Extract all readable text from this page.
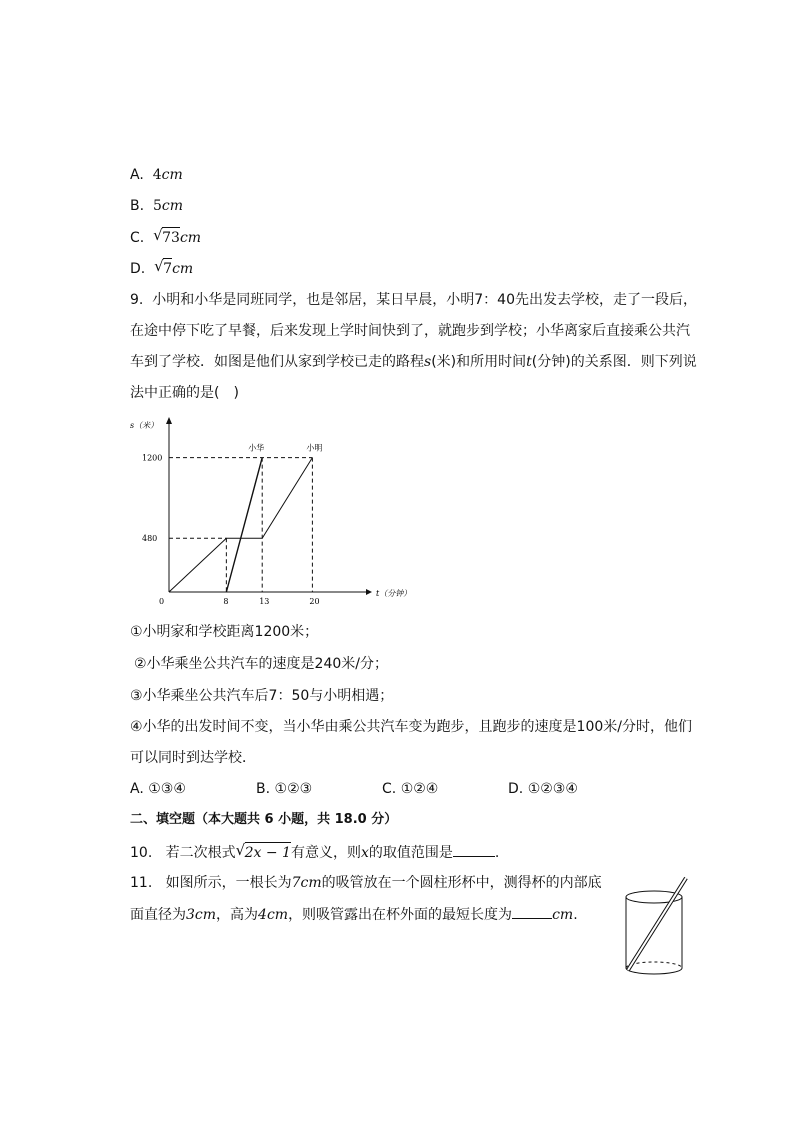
A. 4cm
B. 5cm
C. √ 73cm
D. √ 7cm
9. 小明和小华是同班同学，也是邻居，某日早晨，小明7：40先出发去学校，走了一段后，
在途中停下吃了早餐，后来发现上学时间快到了，就跑步到学校；小华离家后直接乘公共汽
车到了学校．如图是他们从家到学校已走的路程s(米)和所用时间t(分钟)的关系图．则下列说
法中正确的是(　)
t（分钟）
s（米）
0	8	13	20
480
1200
小明
小华
①小明家和学校距离1200米；
②小华乘坐公共汽车的速度是240米/分；
③小华乘坐公共汽车后7：50与小明相遇；
④小华的出发时间不变，当小华由乘公共汽车变为跑步，且跑步的速度是100米/分时，他们
可以同时到达学校．
A. ①③④	B. ①②③	C. ①②④	D. ①②③④
二、填空题（本大题共 6 小题，共 18.0 分）
10. 若二次根式 √ 2x − 1有意义，则x的取值范围是	.
11. 如图所示，一根长为7cm的吸管放在一个圆柱形杯中，测得杯的内部底
面直径为3cm，高为4cm，则吸管露出在杯外面的最短长度为	cm.
